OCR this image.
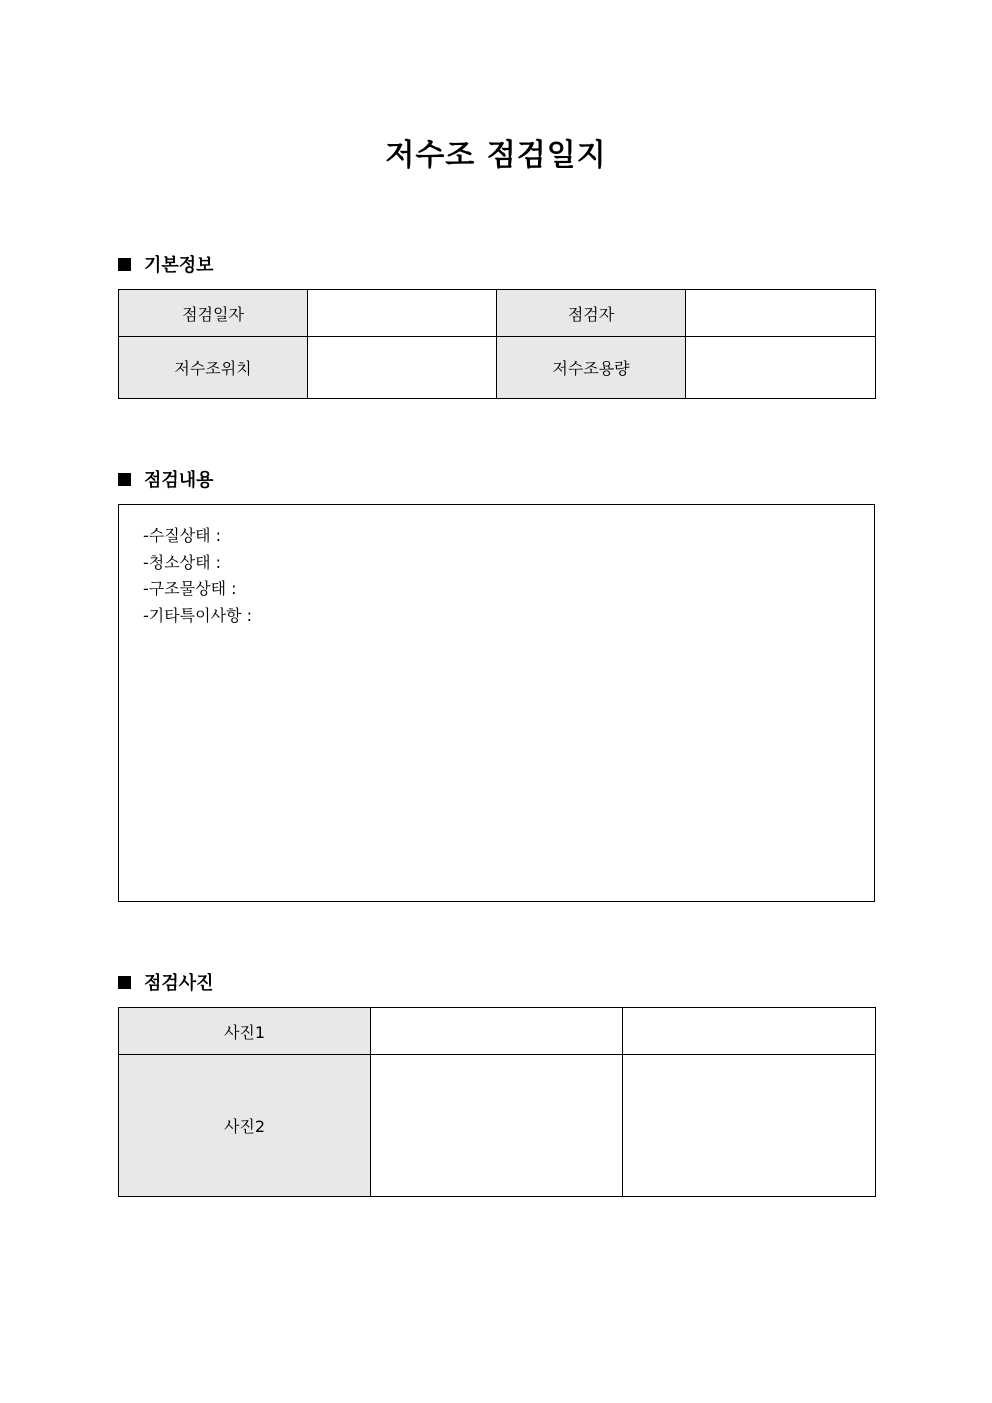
저수조 점검일지
기본정보
점검일자		점검자	
저수조위치		저수조용량	
점검내용
-수질상태 :
-청소상태 :
-구조물상태 :
-기타특이사항 :
점검사진
사진1		
사진2		
